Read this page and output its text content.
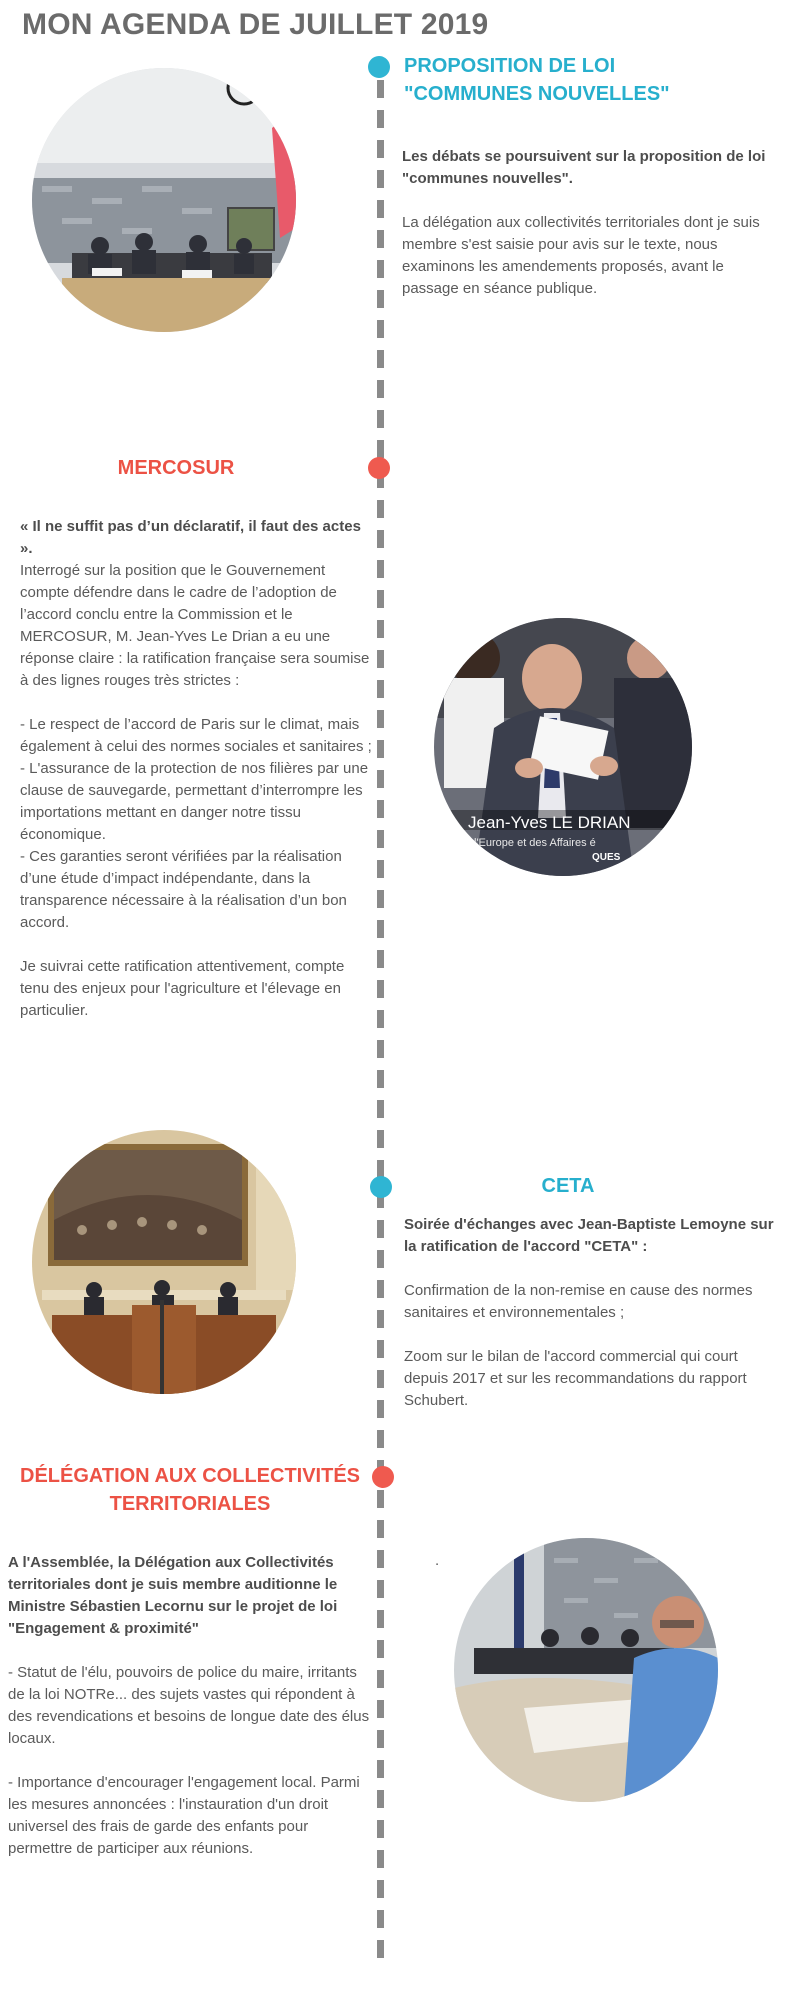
MON AGENDA DE JUILLET 2019
PROPOSITION DE LOI "COMMUNES NOUVELLES"

Les débats se poursuivent sur la proposition de loi "communes nouvelles".

La délégation aux collectivités territoriales dont je suis membre s'est saisie pour avis sur le texte, nous examinons les amendements proposés, avant le passage en séance publique.

MERCOSUR

« Il ne suffit pas d’un déclaratif, il faut des actes ».

Interrogé sur la position que le Gouvernement compte défendre dans le cadre de l’adoption de l’accord conclu entre la Commission et le MERCOSUR, M. Jean-Yves Le Drian a eu une réponse claire : la ratification française sera soumise à des lignes rouges très strictes :

- Le respect de l’accord de Paris sur le climat, mais également à celui des normes sociales et sanitaires ;

- L'assurance de la protection de nos filières par une clause de sauvegarde, permettant d’interrompre les importations mettant en danger notre tissu économique.

- Ces garanties seront vérifiées par la réalisation d’une étude d’impact indépendante, dans la transparence nécessaire à la réalisation d’un bon accord.

Je suivrai cette ratification attentivement, compte tenu des enjeux pour l'agriculture et l'élevage en particulier.

Jean-Yves LE DRIAN
l'Europe et des Affaires é
QUES
CETA

Soirée d'échanges avec Jean-Baptiste Lemoyne sur la ratification de l'accord "CETA" :

Confirmation de la non-remise en cause des normes sanitaires et environnementales ;

Zoom sur le bilan de l'accord commercial qui court depuis 2017 et sur les recommandations du rapport Schubert.

DÉLÉGATION AUX COLLECTIVITÉS TERRITORIALES

A l'Assemblée, la Délégation aux Collectivités territoriales dont je suis membre auditionne le Ministre Sébastien Lecornu sur le projet de loi "Engagement & proximité"

- Statut de l'élu, pouvoirs de police du maire, irritants de la loi NOTRe... des sujets vastes qui répondent à des revendications et besoins de longue date des élus locaux.

- Importance d'encourager l'engagement local. Parmi les mesures annoncées : l'instauration d'un droit universel des frais de garde des enfants pour permettre de participer aux réunions.

.
